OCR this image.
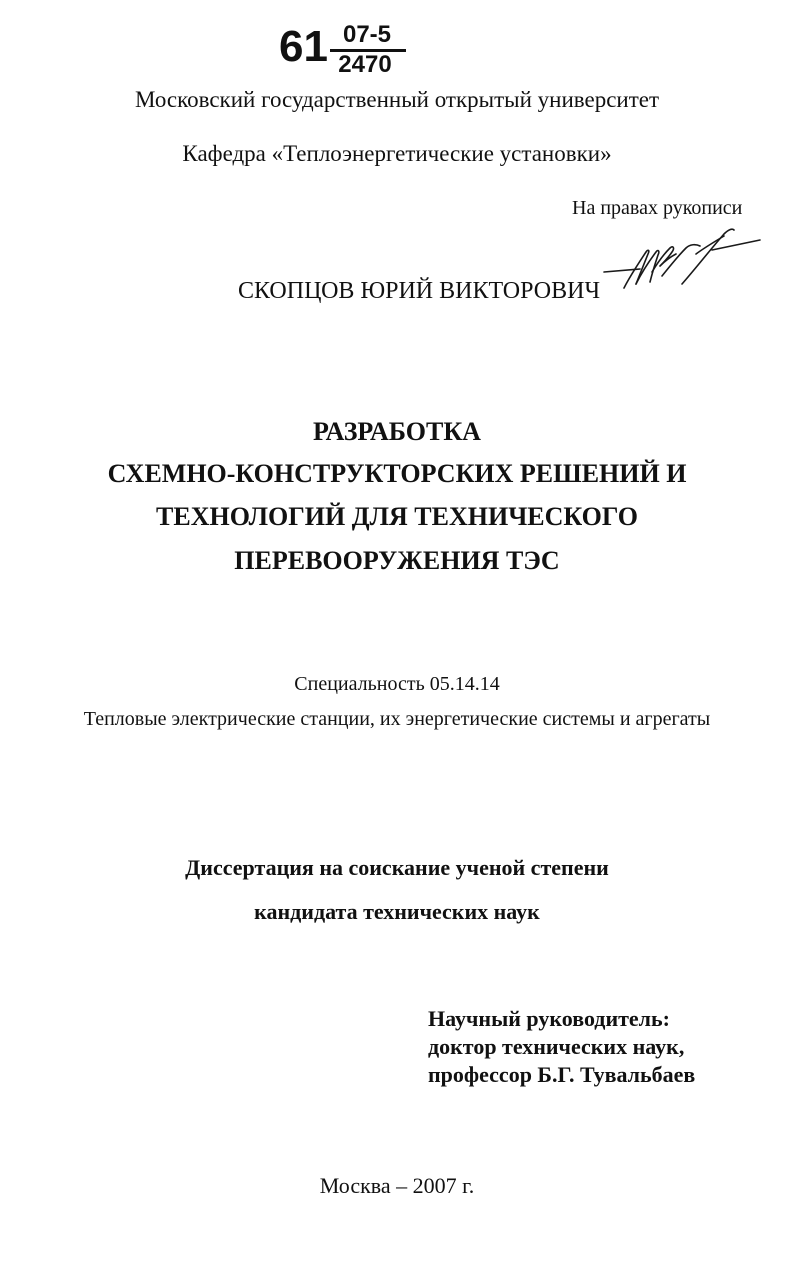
61 07-5
2470
Московский государственный открытый университет
Кафедра «Теплоэнергетические установки»
На правах рукописи
СКОПЦОВ ЮРИЙ ВИКТОРОВИЧ
РАЗРАБОТКА
СХЕМНО-КОНСТРУКТОРСКИХ РЕШЕНИЙ И
ТЕХНОЛОГИЙ ДЛЯ ТЕХНИЧЕСКОГО
ПЕРЕВООРУЖЕНИЯ ТЭС
Специальность 05.14.14
Тепловые электрические станции, их энергетические системы и агрегаты
Диссертация на соискание ученой степени
кандидата технических наук
Научный руководитель:
доктор технических наук,
профессор Б.Г. Тувальбаев
Москва – 2007 г.
